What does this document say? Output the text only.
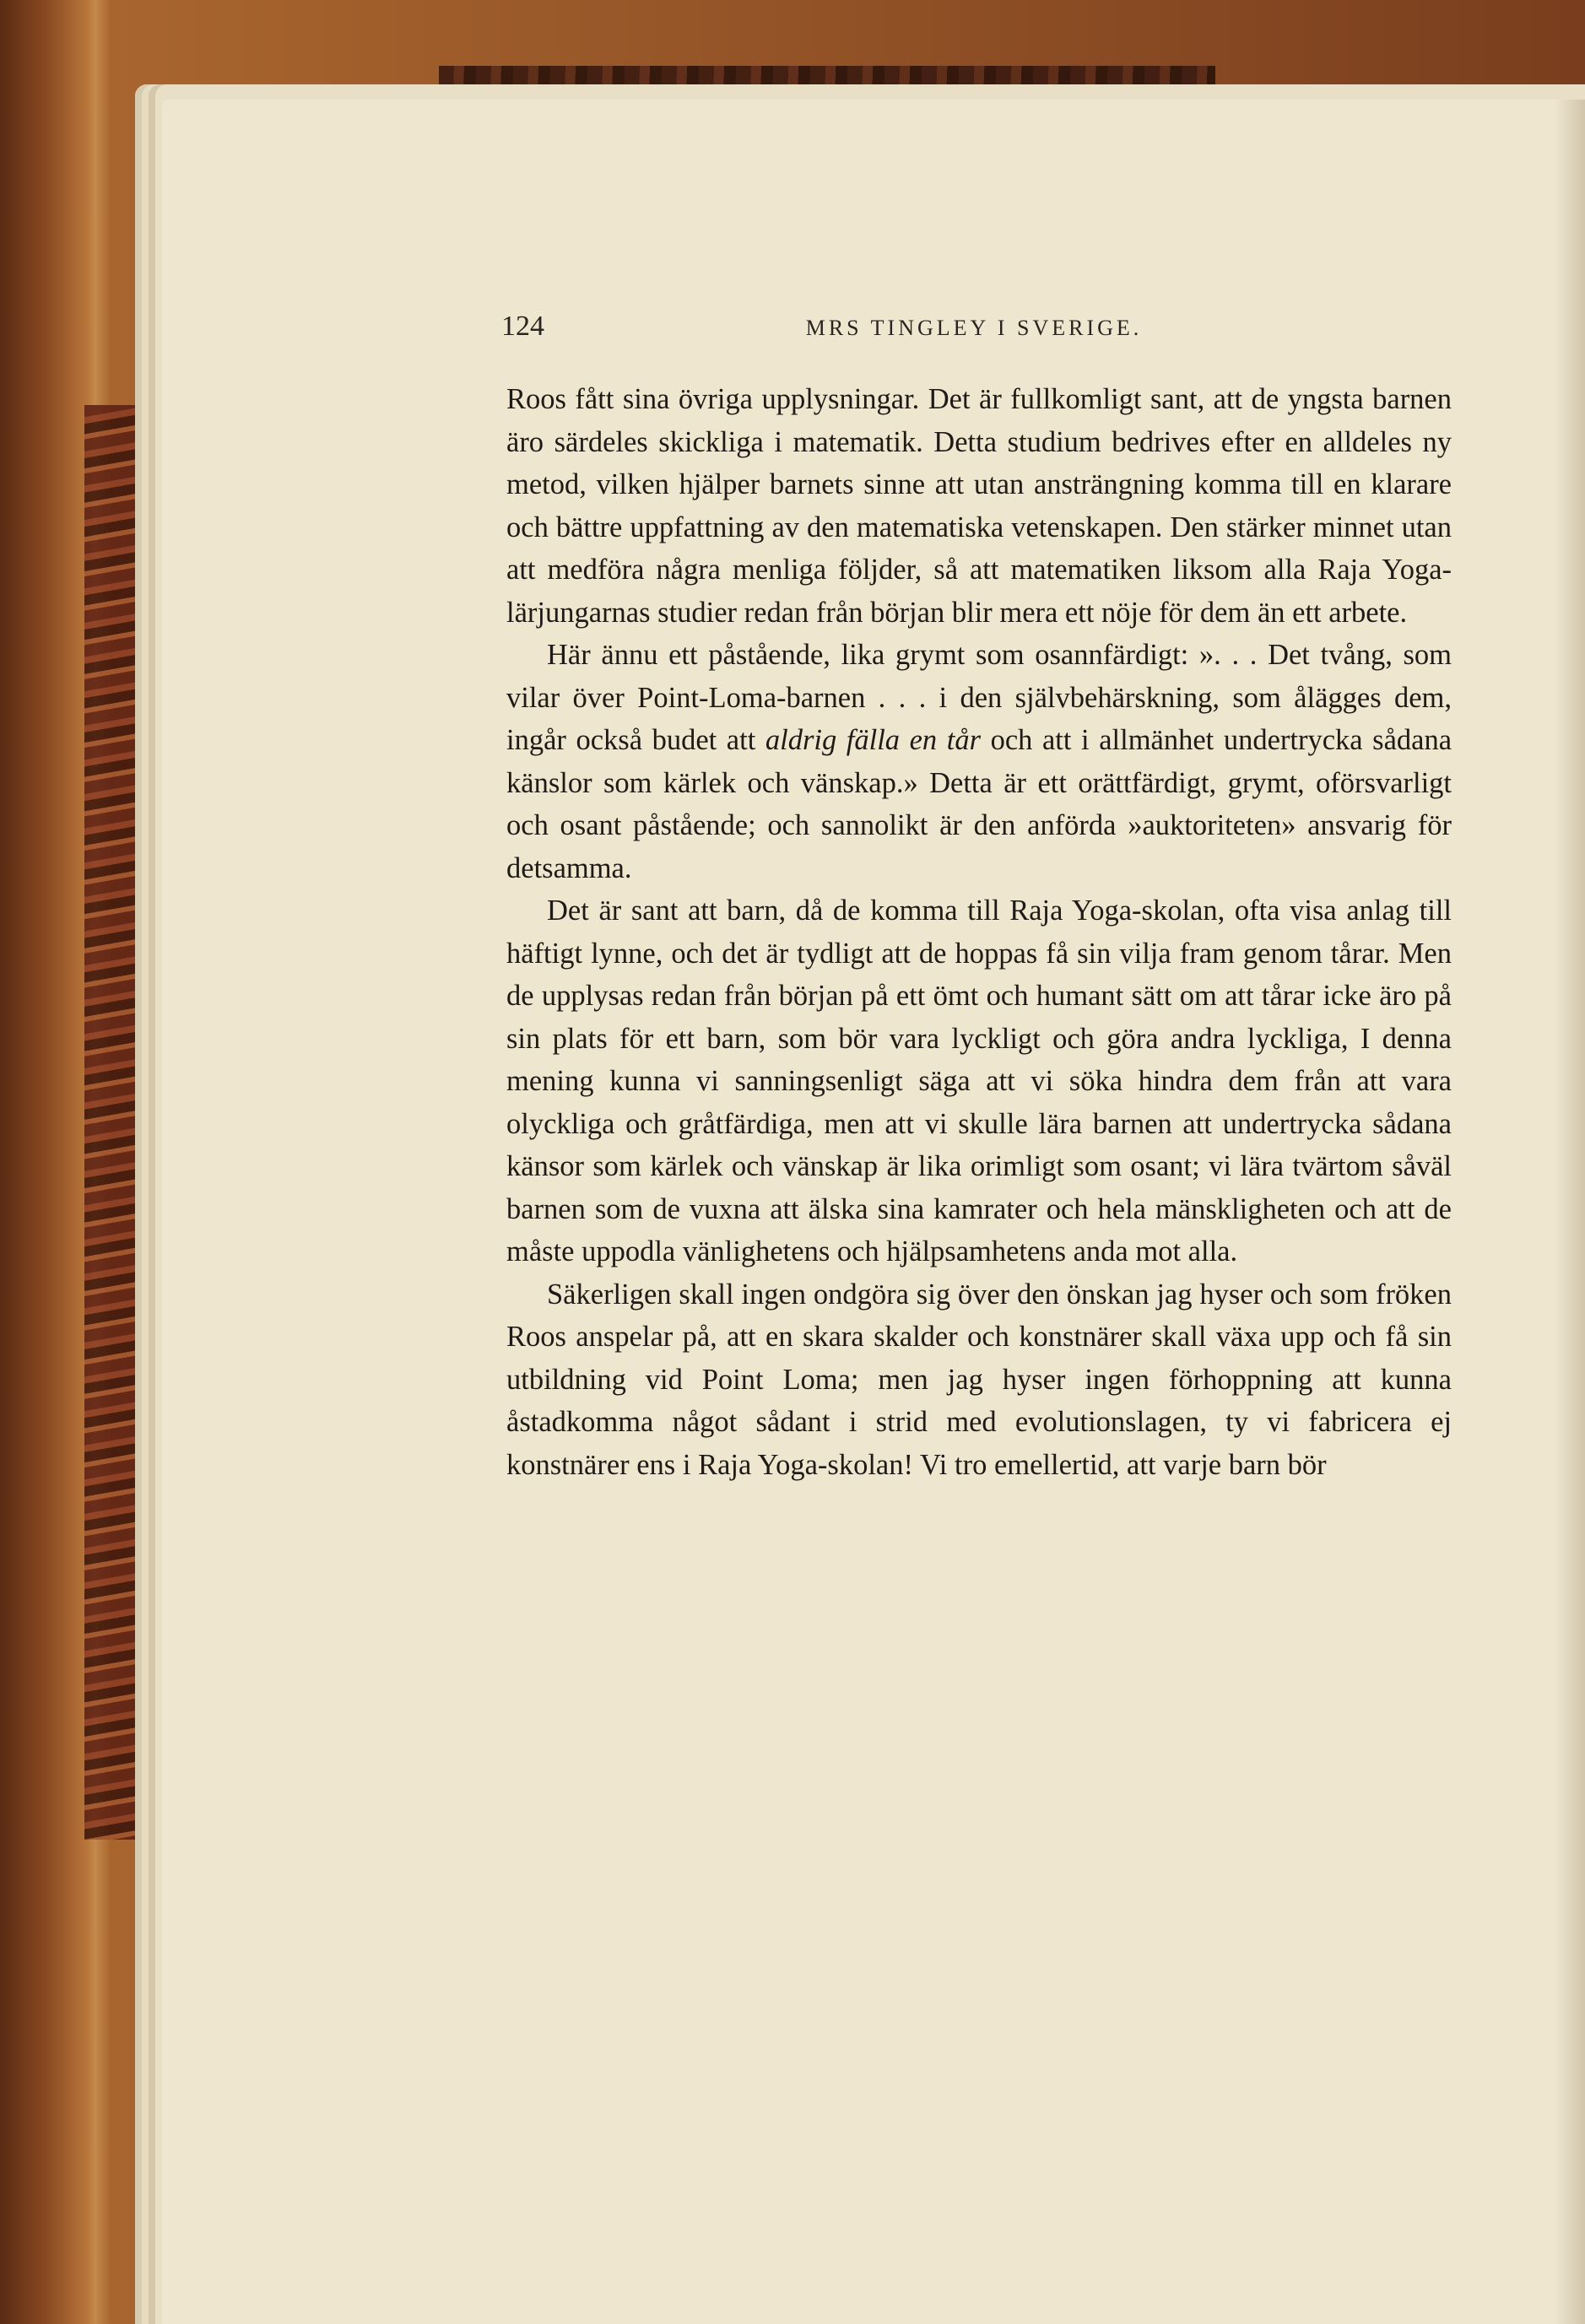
124	MRS TINGLEY I SVERIGE.

Roos fått sina övriga upplysningar. Det är fullkomligt sant, att de yngsta barnen äro särdeles skickliga i matematik. Detta studium bedrives efter en alldeles ny metod, vilken hjälper barnets sinne att utan ansträngning komma till en klarare och bättre uppfattning av den matematiska vetenskapen. Den stärker minnet utan att medföra några menliga följder, så att matematiken liksom alla Raja Yoga-lärjungarnas studier redan från början blir mera ett nöje för dem än ett arbete.

Här ännu ett påstående, lika grymt som osannfärdigt: ». . . Det tvång, som vilar över Point-Loma-barnen . . . i den självbehärskning, som ålägges dem, ingår också budet att aldrig fälla en tår och att i allmänhet undertrycka sådana känslor som kärlek och vänskap.» Detta är ett orättfärdigt, grymt, oförsvarligt och osant påstående; och sannolikt är den anförda »auktoriteten» ansvarig för detsamma.

Det är sant att barn, då de komma till Raja Yoga-skolan, ofta visa anlag till häftigt lynne, och det är tydligt att de hoppas få sin vilja fram genom tårar. Men de upplysas redan från början på ett ömt och humant sätt om att tårar icke äro på sin plats för ett barn, som bör vara lyckligt och göra andra lyckliga, I denna mening kunna vi sanningsenligt säga att vi söka hindra dem från att vara olyckliga och gråtfärdiga, men att vi skulle lära barnen att undertrycka sådana känsor som kärlek och vänskap är lika orimligt som osant; vi lära tvärtom såväl barnen som de vuxna att älska sina kamrater och hela mänskligheten och att de måste uppodla vänlighetens och hjälpsamhetens anda mot alla.

Säkerligen skall ingen ondgöra sig över den önskan jag hyser och som fröken Roos anspelar på, att en skara skalder och konstnärer skall växa upp och få sin utbildning vid Point Loma; men jag hyser ingen förhoppning att kunna åstadkomma något sådant i strid med evolutionslagen, ty vi fabricera ej konstnärer ens i Raja Yoga-skolan! Vi tro emellertid, att varje barn bör
